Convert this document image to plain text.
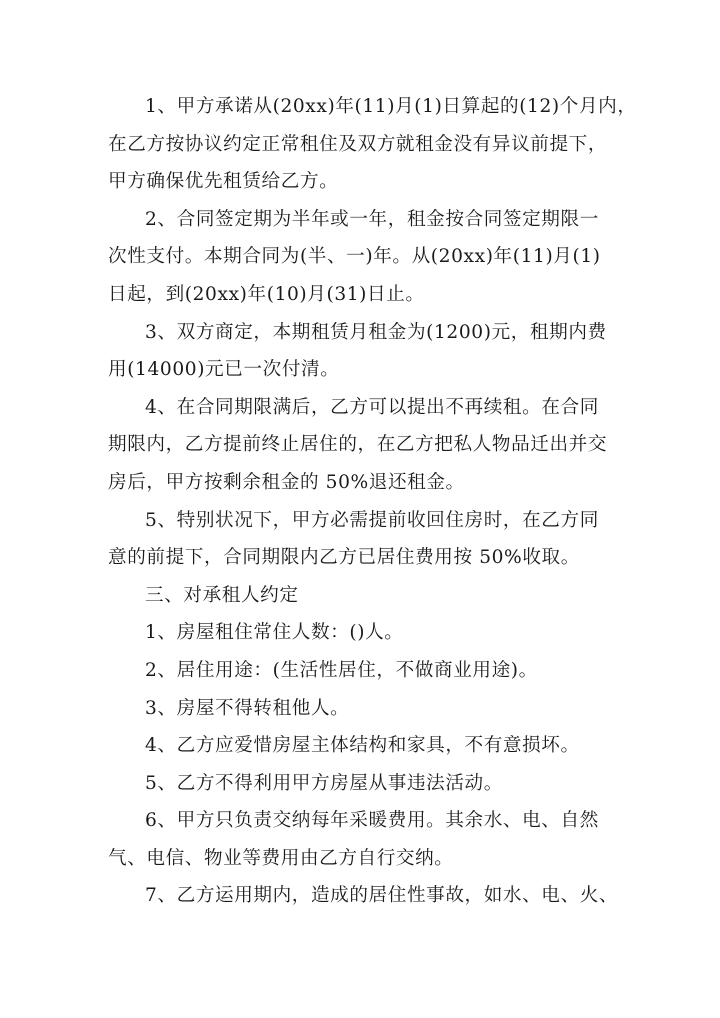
1、甲方承诺从(20xx)年(11)月(1)日算起的(12)个月内，
在乙方按协议约定正常租住及双方就租金没有异议前提下，
甲方确保优先租赁给乙方。

2、合同签定期为半年或一年，租金按合同签定期限一
次性支付。本期合同为(半、一)年。从(20xx)年(11)月(1)
日起，到(20xx)年(10)月(31)日止。

3、双方商定，本期租赁月租金为(1200)元，租期内费
用(14000)元已一次付清。

4、在合同期限满后，乙方可以提出不再续租。在合同
期限内，乙方提前终止居住的，在乙方把私人物品迁出并交
房后，甲方按剩余租金的 50%退还租金。

5、特别状况下，甲方必需提前收回住房时，在乙方同
意的前提下，合同期限内乙方已居住费用按 50%收取。

三、对承租人约定

1、房屋租住常住人数：()人。

2、居住用途：(生活性居住，不做商业用途)。

3、房屋不得转租他人。

4、乙方应爱惜房屋主体结构和家具，不有意损坏。

5、乙方不得利用甲方房屋从事违法活动。

6、甲方只负责交纳每年采暖费用。其余水、电、自然
气、电信、物业等费用由乙方自行交纳。

7、乙方运用期内，造成的居住性事故，如水、电、火、
